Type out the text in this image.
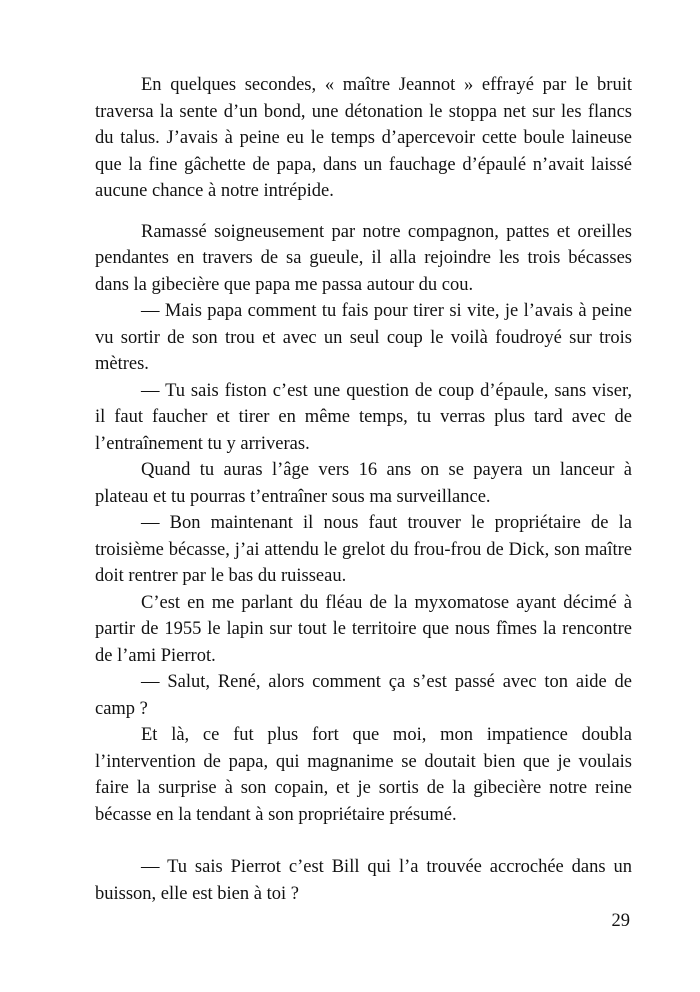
En quelques secondes, « maître Jeannot » effrayé par le bruit traversa la sente d’un bond, une détonation le stoppa net sur les flancs du talus. J’avais à peine eu le temps d’apercevoir cette boule laineuse que la fine gâchette de papa, dans un fauchage d’épaulé n’avait laissé aucune chance à notre intrépide.

Ramassé soigneusement par notre compagnon, pattes et oreilles pendantes en travers de sa gueule, il alla rejoindre les trois bécasses dans la gibecière que papa me passa autour du cou.

— Mais papa comment tu fais pour tirer si vite, je l’avais à peine vu sortir de son trou et avec un seul coup le voilà foudroyé sur trois mètres.

— Tu sais fiston c’est une question de coup d’épaule, sans viser, il faut faucher et tirer en même temps, tu verras plus tard avec de l’entraînement tu y arriveras.

Quand tu auras l’âge vers 16 ans on se payera un lanceur à plateau et tu pourras t’entraîner sous ma surveillance.

— Bon maintenant il nous faut trouver le propriétaire de la troisième bécasse, j’ai attendu le grelot du frou-frou de Dick, son maître doit rentrer par le bas du ruisseau.

C’est en me parlant du fléau de la myxomatose ayant décimé à partir de 1955 le lapin sur tout le territoire que nous fîmes la rencontre de l’ami Pierrot.

— Salut, René, alors comment ça s’est passé avec ton aide de camp ?

Et là, ce fut plus fort que moi, mon impatience doubla l’intervention de papa, qui magnanime se doutait bien que je voulais faire la surprise à son copain, et je sortis de la gibecière notre reine bécasse en la tendant à son propriétaire présumé.

— Tu sais Pierrot c’est Bill qui l’a trouvée accrochée dans un buisson, elle est bien à toi ?

29
